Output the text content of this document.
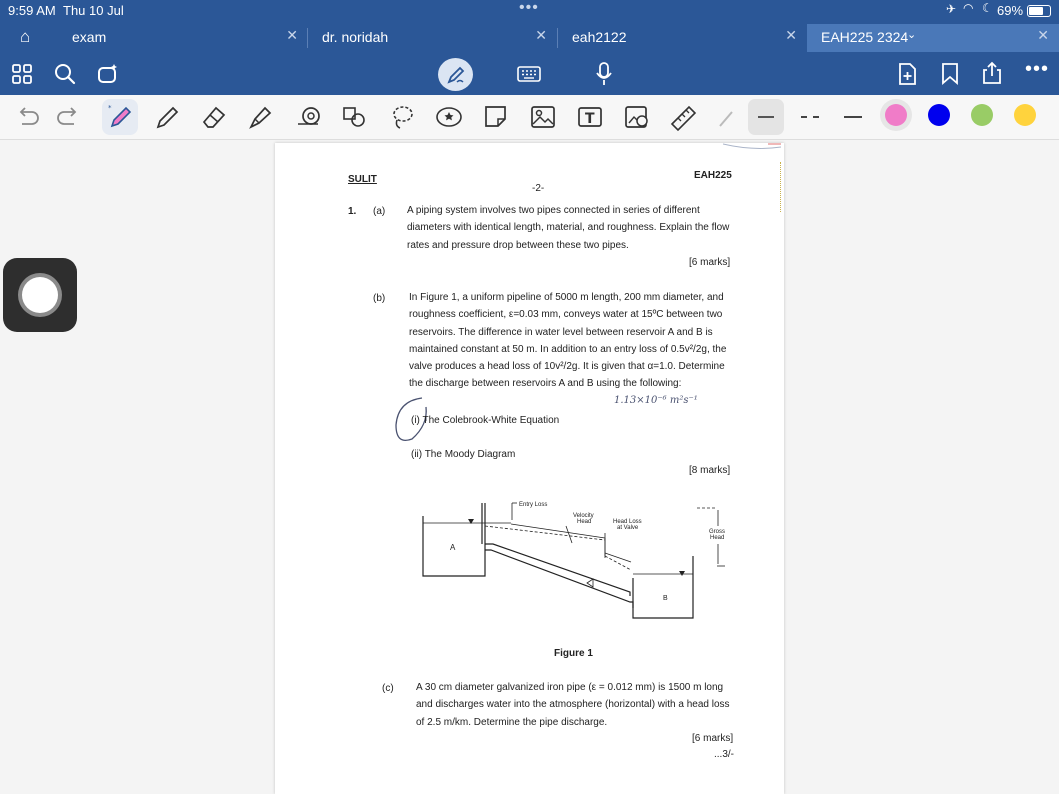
9:59 AM Thu 10 Jul	•••	✈ ◠ ☾ 69%
⌂	exam	✕ dr. noridah	✕ eah2122	✕ EAH225 2324
⌄	✕
•••
*
T
SULIT	EAH225
-2-
1. (a) A piping system involves two pipes connected in series of different
diameters with identical length, material, and roughness. Explain the flow
rates and pressure drop between these two pipes.
[6 marks]
(b) In Figure 1, a uniform pipeline of 5000 m length, 200 mm diameter, and
roughness coefficient, ε=0.03 mm, conveys water at 15ºC between two
reservoirs. The difference in water level between reservoir A and B is
maintained constant at 50 m. In addition to an entry loss of 0.5v²/2g, the
valve produces a head loss of 10v²/2g. It is given that α=1.0. Determine
the discharge between reservoirs A and B using the following:
1.13×10⁻⁶ m²s⁻¹
(i) The Colebrook-White Equation
(ii) The Moody Diagram
[8 marks]
A
B
Entry Loss
Velocity
Head	Head Loss
at Valve
Gross
Head
Figure 1
(c) A 30 cm diameter galvanized iron pipe (ε = 0.012 mm) is 1500 m long
and discharges water into the atmosphere (horizontal) with a head loss
of 2.5 m/km. Determine the pipe discharge.
[6 marks]
...3/-
